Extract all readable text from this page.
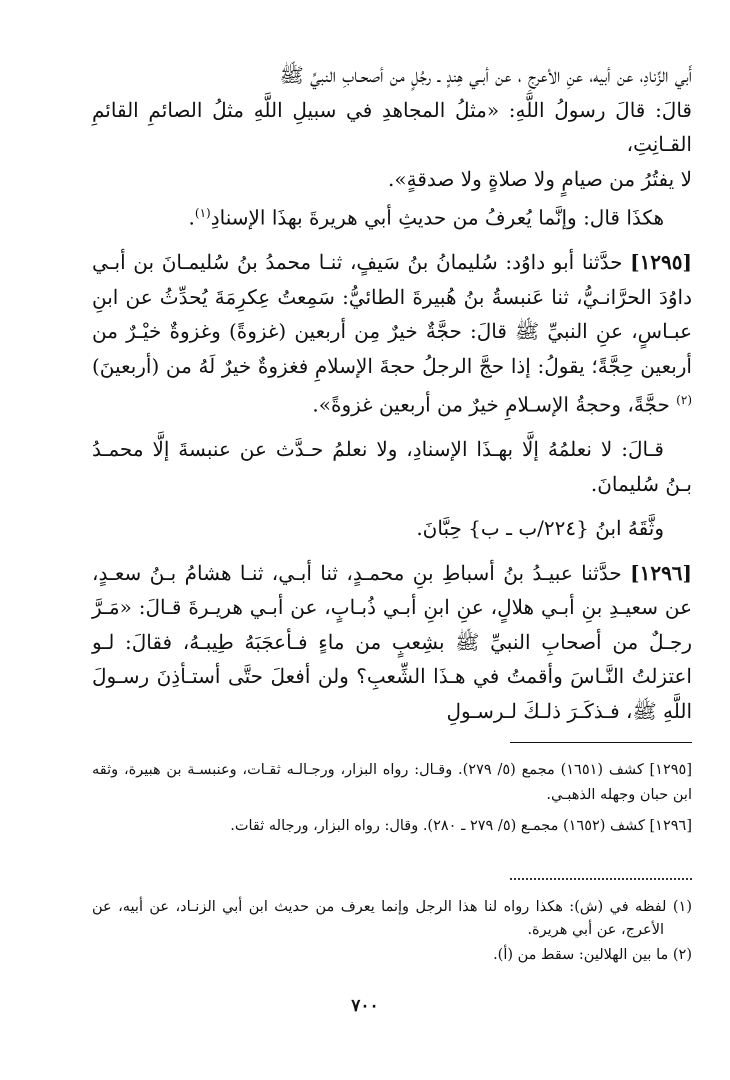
أَبي الزِّنادِ، عن أبيه، عنِ الأعرجِ ، عن أبـي هِندٍ ـ رجُلٍ من أصحـابِ النبيِّ ﷺ

قالَ: قالَ رسولُ اللَّهِ: «مثلُ المجاهدِ في سبيلِ اللَّهِ مثلُ الصائمِ القائمِ القـانِتِ،

لا يفتُرُ من صيامٍ ولا صلاةٍ ولا صدقةٍ».

هكذَا قال: وإنَّما يُعرفُ من حديثِ أبي هريرةَ بهذَا الإسنادِ$^{(١)}$.

[١٢٩٥] حدَّثنا أبو داوُد: سُليمانُ بنُ سَيفٍ، ثنـا محمدُ بنُ سُليمـانَ بن أبـي داوُدَ الحرَّانـيُّ، ثنا عَنبسةُ بنُ هُبيرةَ الطائيُّ: سَمِعتُ عِكرِمَةَ يُحدِّثُ عن ابنِ عبـاسٍ، عنِ النبيِّ ﷺ قالَ: حجَّةٌ خيرٌ مِن أربعين (غزوةً) وغزوةٌ خيْـرٌ من أربعين حِجَّةً؛ يقولُ: إذا حجَّ الرجلُ حجةَ الإسلامِ فغزوةٌ خيرٌ لَهُ من (أربعينَ)$^{(٢)}$ حجَّةً، وحجةُ الإسـلامِ خيرٌ من أربعين غزوةً».

قـالَ: لا نعلمُهُ إلَّا بهـذَا الإسنادِ، ولا نعلمُ حـدَّث عن عنبسةَ إلَّا محمـدُ بـنُ سُليمانَ.

وثَّقَهُ ابنُ {٢٢٤/ب ـ ب} حِبَّانَ.

[١٢٩٦] حدَّثنا عبيـدُ بنُ أسباطِ بنِ محمـدٍ، ثنا أبـي، ثنـا هشامُ بـنُ سعـدٍ، عن سعيـدِ بنِ أبـي هلالٍ، عنِ ابنِ أبـي ذُبـابٍ، عن أبـي هريـرةَ قـالَ: «مَـرَّ رجـلٌ من أصحابِ النبيِّ ﷺ بشِعبٍ من ماءٍ فـأعجَبَهُ طِيبـهُ، فقالَ: لـو اعتزلتُ النَّـاسَ وأقمتُ في هـذَا الشِّعبِ؟ ولن أفعلَ حتَّى أستـأذِنَ رسـولَ اللَّهِ ﷺ، فـذكَـرَ ذلـكَ لـرسـولِ

[١٢٩٥] كشف (١٦٥١) مجمع (٥/ ٢٧٩). وقـال: رواه البزار، ورجـالـه ثقـات، وعنبسـة بن هبيرة، وثقه ابن حبان وجهله الذهبـي.

[١٢٩٦] كشف (١٦٥٢) مجمـع (٥/ ٢٧٩ ـ ٢٨٠). وقال: رواه البزار، ورجاله ثقات.

(١) لفظه في (ش): هكذا رواه لنا هذا الرجل وإنما يعرف من حديث ابن أبي الزنـاد، عن أبيه، عن الأعرج، عن أبي هريرة.

(٢) ما بين الهلالين: سقط من (أ).

٧٠٠
